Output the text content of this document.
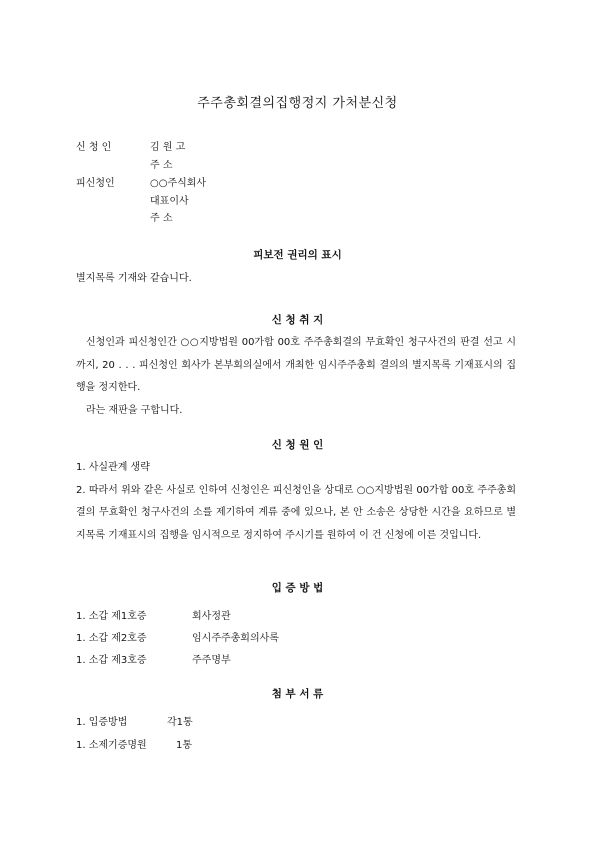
주주총회결의집행정지 가처분신청
신 청 인	김 원 고
주 소
피신청인	○○주식회사
대표이사
주 소
피보전 권리의 표시
별지목록 기재와 같습니다.
신 청 취 지

신청인과 피신청인간 ○○지방법원 00가합 00호 주주총회결의 무효확인 청구사건의 판결 선고 시까지, 20 . . . 피신청인 회사가 본부회의실에서 개최한 임시주주총회 결의의 별지목록 기재표시의 집행을 정지한다.

라는 재판을 구합니다.

신 청 원 인
1. 사실관계 생략
2. 따라서 위와 같은 사실로 인하여 신청인은 피신청인을 상대로 ○○지방법원 00가합 00호 주주총회결의 무효확인 청구사건의 소를 제기하여 계류 중에 있으나, 본 안 소송은 상당한 시간을 요하므로 별지목록 기재표시의 집행을 임시적으로 정지하여 주시기를 원하여 이 건 신청에 이른 것입니다.
입 증 방 법
1. 소갑 제1호증	회사정관
1. 소갑 제2호증	임시주주총회의사록
1. 소갑 제3호증	주주명부
첨 부 서 류
1. 입증방법	각1통
1. 소제기증명원	1통
